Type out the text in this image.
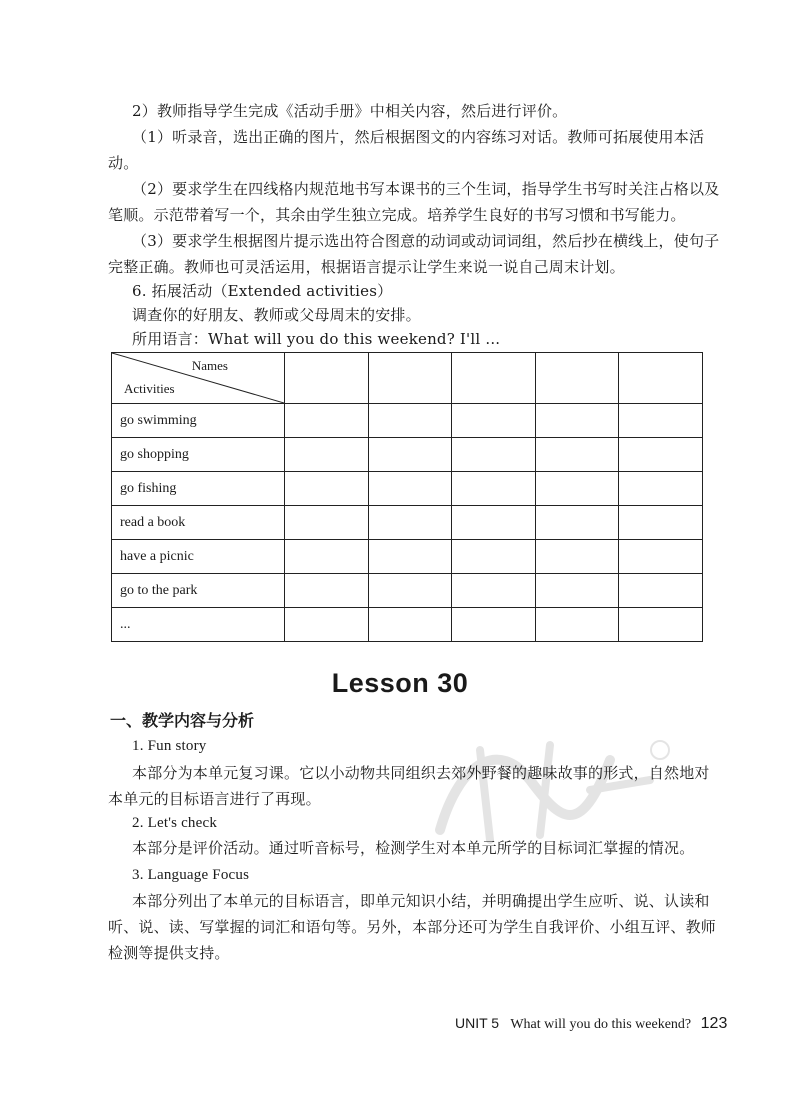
2）教师指导学生完成《活动手册》中相关内容，然后进行评价。

（1）听录音，选出正确的图片，然后根据图文的内容练习对话。教师可拓展使用本活动。

（2）要求学生在四线格内规范地书写本课书的三个生词，指导学生书写时关注占格以及笔顺。示范带着写一个，其余由学生独立完成。培养学生良好的书写习惯和书写能力。

（3）要求学生根据图片提示选出符合图意的动词或动词词组，然后抄在横线上，使句子完整正确。教师也可灵活运用，根据语言提示让学生来说一说自己周末计划。

6. 拓展活动（Extended activities）

调查你的好朋友、教师或父母周末的安排。

所用语言：What will you do this weekend? I'll ...

Names
Activities					

go swimming					
go shopping					
go fishing					
read a book					
have a picnic					
go to the park					
...					
Lesson 30
一、教学内容与分析

1. Fun story

本部分为本单元复习课。它以小动物共同组织去郊外野餐的趣味故事的形式，自然地对本单元的目标语言进行了再现。

2. Let's check

本部分是评价活动。通过听音标号，检测学生对本单元所学的目标词汇掌握的情况。

3. Language Focus

本部分列出了本单元的目标语言，即单元知识小结，并明确提出学生应听、说、认读和听、说、读、写掌握的词汇和语句等。另外，本部分还可为学生自我评价、小组互评、教师检测等提供支持。

UNIT 5 What will you do this weekend? 123
